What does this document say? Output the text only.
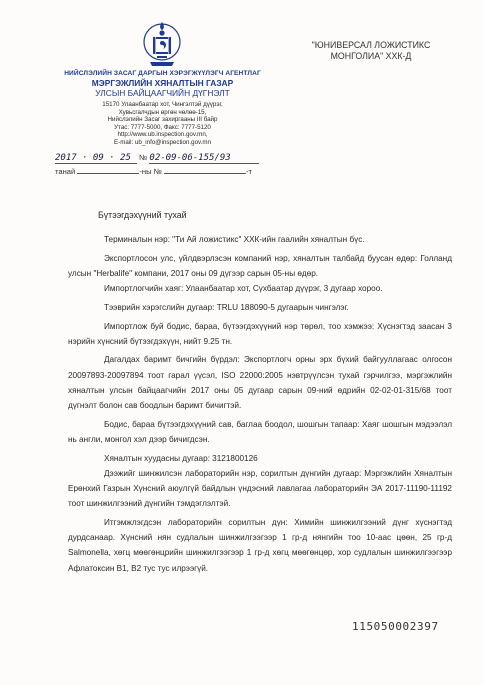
НИЙСЛЭЛИЙН ЗАСАГ ДАРГЫН ХЭРЭГЖҮҮЛЭГЧ АГЕНТЛАГ
МЭРГЭЖЛИЙН ХЯНАЛТЫН ГАЗАР
УЛСЫН БАЙЦААГЧИЙН ДҮГНЭЛТ
15170 Улаанбаатар хот, Чингэлтэй дүүрэг,
Хувьсгалчдын өргөн чөлөө-15,
Нийслэлийн Засаг захиргааны III байр
Утас: 7777-5000, Факс: 7777-5120
http://www.ub.inspection.gov.mn,
E-mail: ub_info@inspection.gov.mn
"ЮНИВЕРСАЛ ЛОЖИСТИКС
МОНГОЛИА" ХХК-Д
2017 · 09 · 25 № 02-09-06-155/93
танай	-ны №	-т
Бүтээгдэхүүний тухай

Терминалын нэр: "Ти Ай ложистикс" ХХК-ийн гаалийн хяналтын бүс.

Экспортлосон улс, үйлдвэрлэсэн компаний нэр, хяналтын талбайд буусан өдөр: Голланд улсын "Herbalife" компани, 2017 оны 09 дүгээр сарын 05-ны өдөр.

Импортлогчийн хаяг: Улаанбаатар хот, Сүхбаатар дүүрэг, 3 дугаар хороо.

Тээврийн хэрэгслийн дугаар: TRLU 188090-5 дугаарын чингэлэг.

Импортлож буй бодис, бараа, бүтээгдэхүүний нэр төрөл, тоо хэмжээ: Хүснэгтэд заасан 3 нэрийн хүнсний бүтээгдэхүүн, нийт 9.25 тн.

Дагалдах баримт бичгийн бүрдэл: Экспортлогч орны эрх бүхий байгууллагаас олгосон 20097893-20097894 тоот гарал үүсэл, ISO 22000:2005 нэвтрүүлсэн тухай гэрчилгээ, мэргэжлийн хяналтын улсын байцаагчийн 2017 оны 05 дугаар сарын 09-ний өдрийн 02-02-01-315/68 тоот дүгнэлт болон сав боодлын баримт бичигтэй.

Бодис, бараа бүтээгдэхүүний сав, баглаа боодол, шошгын тапаар: Хаяг шошгын мэдээлэл нь англи, монгол хэл дээр бичигдсэн.

Хяналтын хуудасны дугаар: 3121800126

Дээжийг шинжилсэн лабораторийн нэр, сорилтын дүнгийн дугаар: Мэргэжлийн Хяналтын Ерөнхий Газрын Хүнсний аюулгүй байдлын үндэсний лавлагаа лабораторийн ЭА 2017-11190-11192 тоот шинжилгээний дүнгийн тэмдэглэлтэй.

Итгэмжлэгдсэн лабораторийн сорилтын дүн: Химийн шинжилгээний дүнг хүснэгтэд дурдсанаар. Хүнсний нян судлалын шинжилгээгээр 1 гр-д нянгийн тоо 10-аас цөөн, 25 гр-д Salmonella, хөгц мөөгөнцрийн шинжилгээгээр 1 гр-д хөгц мөөгөнцөр, хор судлалын шинжилгээгээр Афлатоксин В1, В2 тус тус илрээгүй.

115050002397
